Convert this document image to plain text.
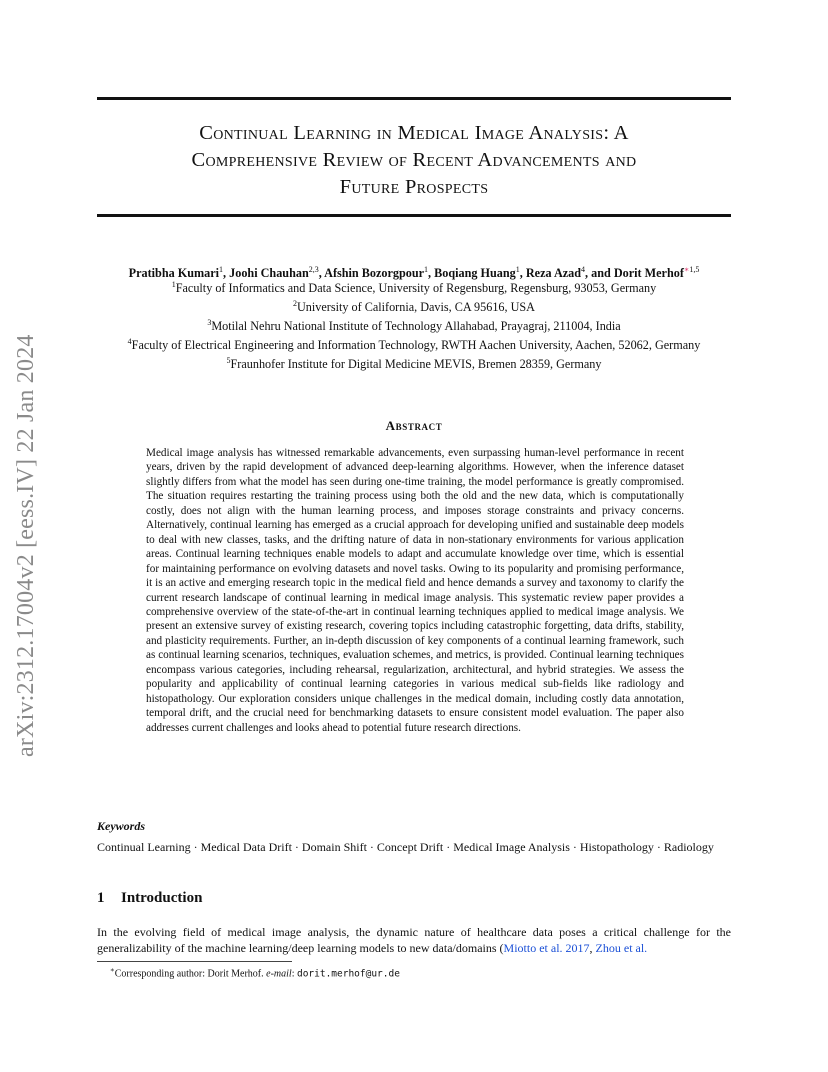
arXiv:2312.17004v2 [eess.IV] 22 Jan 2024
Continual Learning in Medical Image Analysis: A
Comprehensive Review of Recent Advancements and
Future Prospects
Pratibha Kumari$^1$, Joohi Chauhan$^{2,3}$, Afshin Bozorgpour$^1$, Boqiang Huang$^1$, Reza Azad$^4$, and Dorit Merhof$^{∗1,5}$
$^1$Faculty of Informatics and Data Science, University of Regensburg, Regensburg, 93053, Germany
$^2$University of California, Davis, CA 95616, USA
$^3$Motilal Nehru National Institute of Technology Allahabad, Prayagraj, 211004, India
$^4$Faculty of Electrical Engineering and Information Technology, RWTH Aachen University, Aachen, 52062, Germany
$^5$Fraunhofer Institute for Digital Medicine MEVIS, Bremen 28359, Germany
Abstract

Medical image analysis has witnessed remarkable advancements, even surpassing human-level performance in recent years, driven by the rapid development of advanced deep-learning algorithms. However, when the inference dataset slightly differs from what the model has seen during one-time training, the model performance is greatly compromised. The situation requires restarting the training process using both the old and the new data, which is computationally costly, does not align with the human learning process, and imposes storage constraints and privacy concerns. Alternatively, continual learning has emerged as a crucial approach for developing unified and sustainable deep models to deal with new classes, tasks, and the drifting nature of data in non-stationary environments for various application areas. Continual learning techniques enable models to adapt and accumulate knowledge over time, which is essential for maintaining performance on evolving datasets and novel tasks. Owing to its popularity and promising performance, it is an active and emerging research topic in the medical field and hence demands a survey and taxonomy to clarify the current research landscape of continual learning in medical image analysis. This systematic review paper provides a comprehensive overview of the state-of-the-art in continual learning techniques applied to medical image analysis. We present an extensive survey of existing research, covering topics including catastrophic forgetting, data drifts, stability, and plasticity requirements. Further, an in-depth discussion of key components of a continual learning framework, such as continual learning scenarios, techniques, evaluation schemes, and metrics, is provided. Continual learning techniques encompass various categories, including rehearsal, regularization, architectural, and hybrid strategies. We assess the popularity and applicability of continual learning categories in various medical sub-fields like radiology and histopathology. Our exploration considers unique challenges in the medical domain, including costly data annotation, temporal drift, and the crucial need for benchmarking datasets to ensure consistent model evaluation. The paper also addresses current challenges and looks ahead to potential future research directions.

Keywords

Continual Learning · Medical Data Drift · Domain Shift · Concept Drift · Medical Image Analysis · Histopathology · Radiology

1 Introduction

In the evolving field of medical image analysis, the dynamic nature of healthcare data poses a critical challenge for the generalizability of the machine learning/deep learning models to new data/domains (Miotto et al. 2017, Zhou et al.

∗Corresponding author: Dorit Merhof. e-mail: dorit.merhof@ur.de
